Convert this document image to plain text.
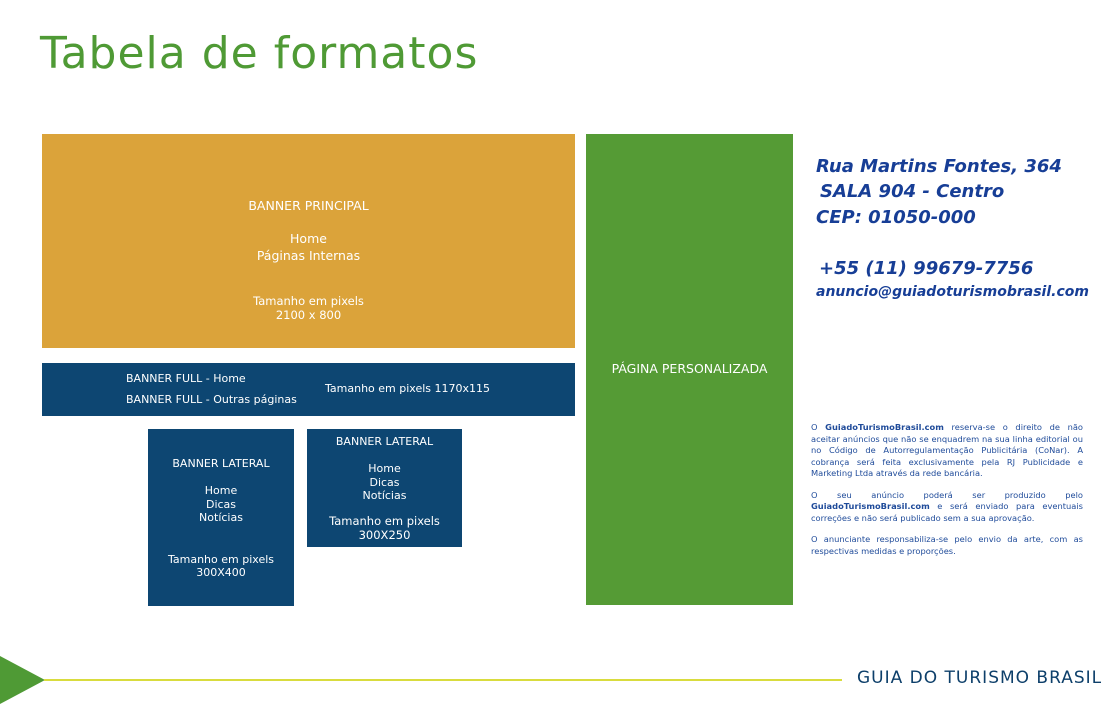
Tabela de formatos
BANNER PRINCIPAL
Home
Páginas Internas
Tamanho em pixels
2100 x 800
BANNER FULL - Home
BANNER FULL - Outras páginas
Tamanho em pixels 1170x115
BANNER LATERAL
Home
Dicas
Notícias
Tamanho em pixels
300X400
BANNER LATERAL
Home
Dicas
Notícias
Tamanho em pixels
300X250
PÁGINA PERSONALIZADA
Rua Martins Fontes, 364
SALA 904 - Centro
CEP: 01050-000
+55 (11) 99679-7756
anuncio@guiadoturismobrasil.com

O GuiadoTurismoBrasil.com reserva-se o direito de não aceitar anúncios que não se enquadrem na sua linha editorial ou no Código de Autorregulamentação Publicitária (CoNar). A cobrança será feita exclusivamente pela RJ Publicidade e Marketing Ltda através da rede bancária.

O seu anúncio poderá ser produzido pelo GuiadoTurismoBrasil.com e será enviado para eventuais correções e não será publicado sem a sua aprovação.

O anunciante responsabiliza-se pelo envio da arte, com as respectivas medidas e proporções.

GUIA DO TURISMO BRASIL
